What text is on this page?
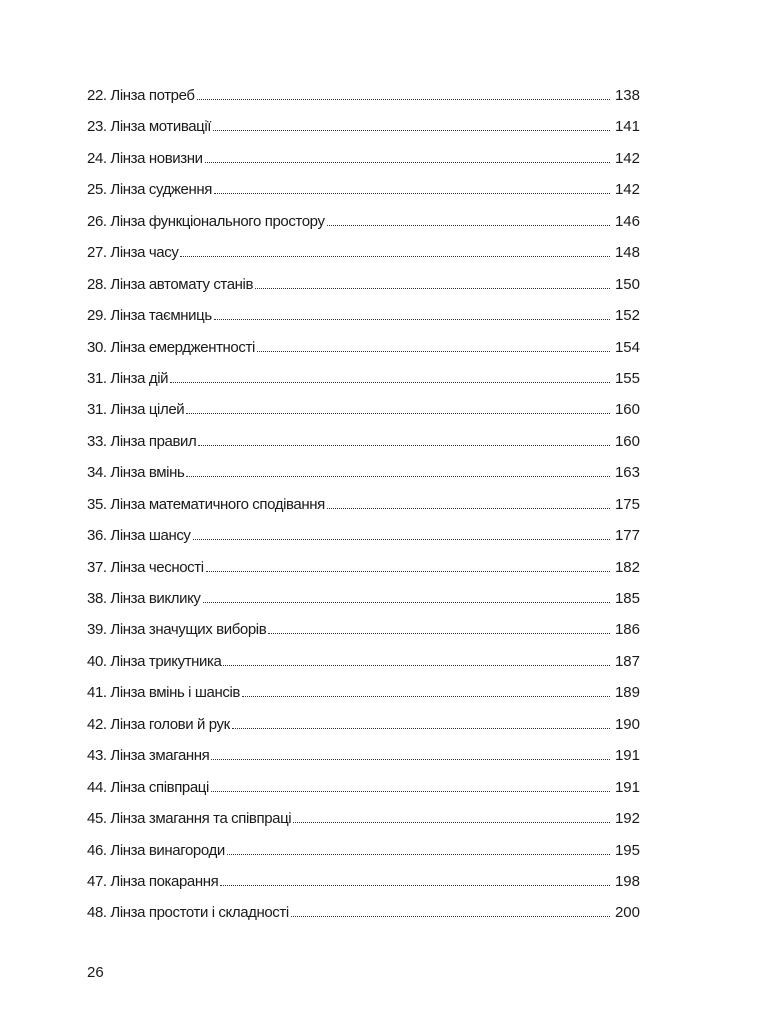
22. Лінза потреб	138
23. Лінза мотивації	141
24. Лінза новизни	142
25. Лінза судження	142
26. Лінза функціонального простору	146
27. Лінза часу	148
28. Лінза автомату станів	150
29. Лінза таємниць	152
30. Лінза емерджентності	154
31. Лінза дій	155
31. Лінза цілей	160
33. Лінза правил	160
34. Лінза вмінь	163
35. Лінза математичного сподівання	175
36. Лінза шансу	177
37. Лінза чесності	182
38. Лінза виклику	185
39. Лінза значущих виборів	186
40. Лінза трикутника	187
41. Лінза вмінь і шансів	189
42. Лінза голови й рук	190
43. Лінза змагання	191
44. Лінза співпраці	191
45. Лінза змагання та співпраці	192
46. Лінза винагороди	195
47. Лінза покарання	198
48. Лінза простоти і складності	200
26
